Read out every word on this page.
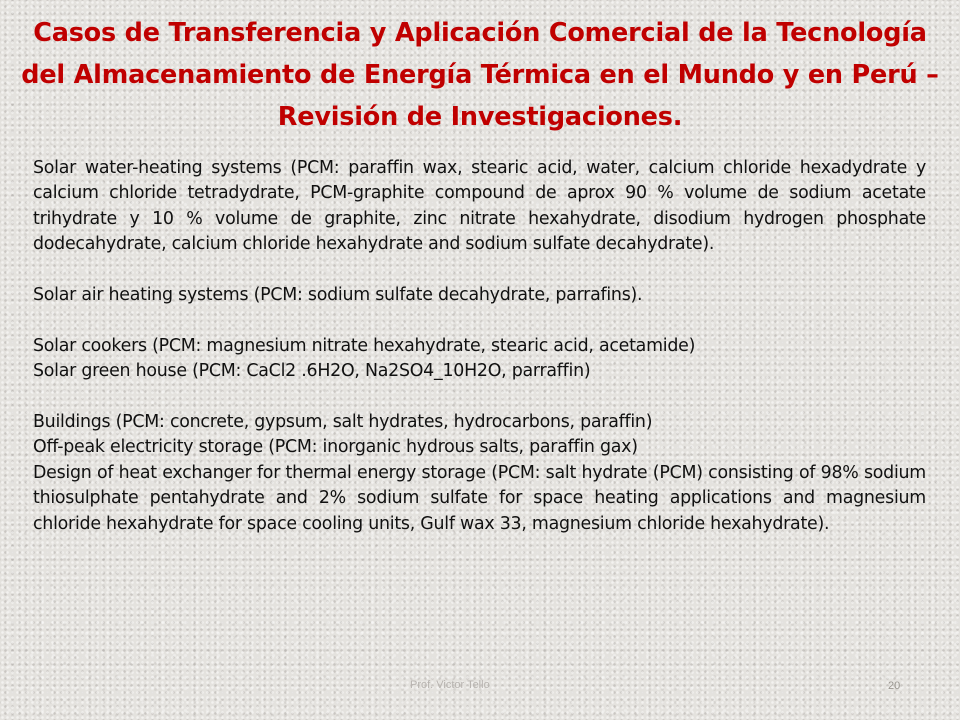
Casos de Transferencia y Aplicación Comercial de la Tecnología del Almacenamiento de Energía Térmica en el Mundo y en Perú – Revisión de Investigaciones.

Solar water-heating systems (PCM: paraffin wax, stearic acid, water, calcium chloride hexadydrate y calcium chloride tetradydrate, PCM-graphite compound de aprox 90 % volume de sodium acetate trihydrate y 10 % volume de graphite, zinc nitrate hexahydrate, disodium hydrogen phosphate dodecahydrate, calcium chloride hexahydrate and sodium sulfate decahydrate).

Solar air heating systems (PCM: sodium sulfate decahydrate, parrafins).

Solar cookers (PCM: magnesium nitrate hexahydrate, stearic acid, acetamide)

Solar green house (PCM: CaCl2 .6H2O, Na2SO4_10H2O, parraffin)

Buildings (PCM: concrete, gypsum, salt hydrates, hydrocarbons, paraffin)

Off-peak electricity storage (PCM: inorganic hydrous salts, paraffin gax)

Design of heat exchanger for thermal energy storage (PCM: salt hydrate (PCM) consisting of 98% sodium thiosulphate pentahydrate and 2% sodium sulfate for space heating applications and magnesium chloride hexahydrate for space cooling units, Gulf wax 33, magnesium chloride hexahydrate).

Prof. Victor Tello	20
